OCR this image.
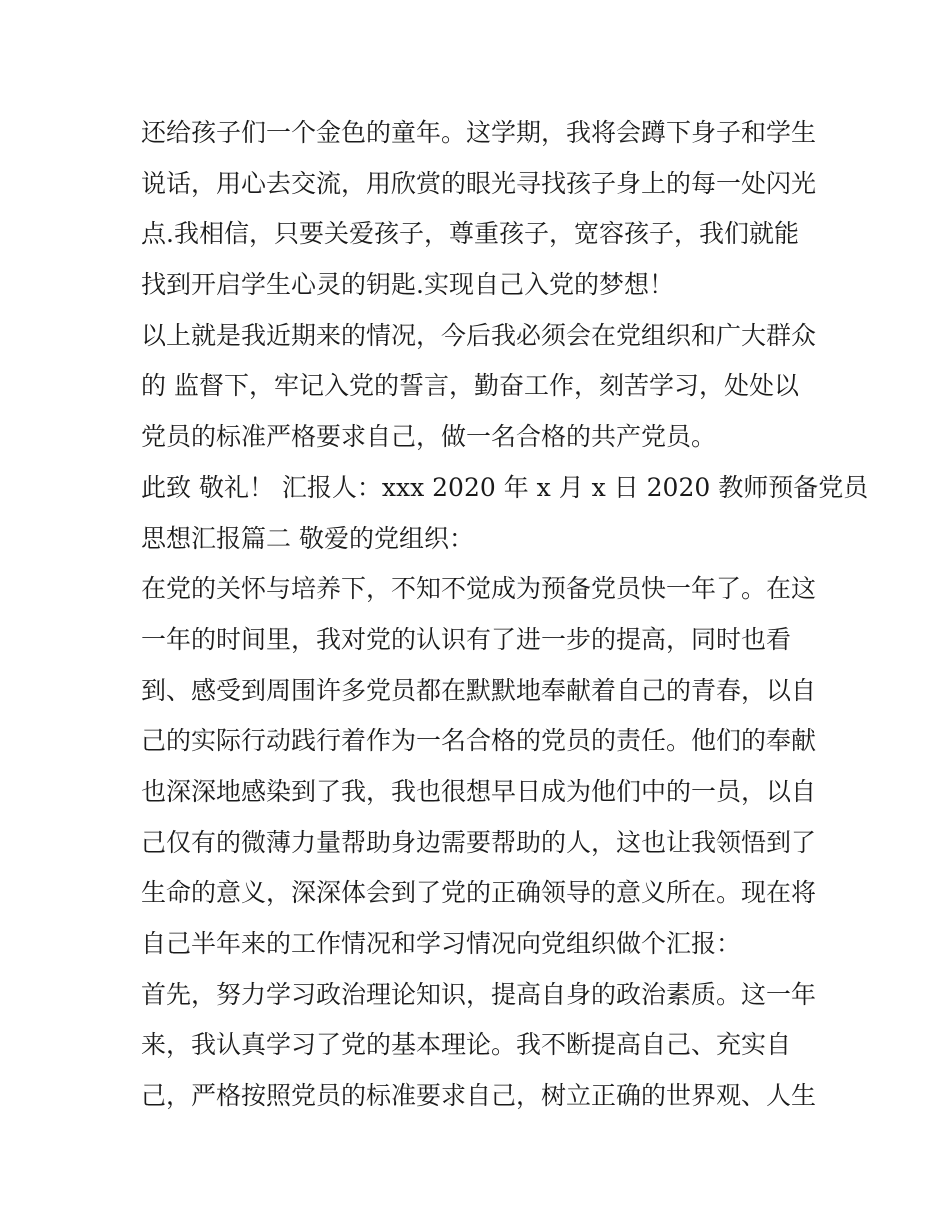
还给孩子们一个金色的童年。这学期，我将会蹲下身子和学生
说话，用心去交流，用欣赏的眼光寻找孩子身上的每一处闪光
点.我相信，只要关爱孩子，尊重孩子，宽容孩子，我们就能
找到开启学生心灵的钥匙.实现自己入党的梦想！
以上就是我近期来的情况，今后我必须会在党组织和广大群众
的 监督下，牢记入党的誓言，勤奋工作，刻苦学习，处处以
党员的标准严格要求自己，做一名合格的共产党员。
此致 敬礼！ 汇报人：xxx 2020 年 x 月 x 日 2020 教师预备党员
思想汇报篇二 敬爱的党组织：
在党的关怀与培养下，不知不觉成为预备党员快一年了。在这
一年的时间里，我对党的认识有了进一步的提高，同时也看
到、感受到周围许多党员都在默默地奉献着自己的青春，以自
己的实际行动践行着作为一名合格的党员的责任。他们的奉献
也深深地感染到了我，我也很想早日成为他们中的一员，以自
己仅有的微薄力量帮助身边需要帮助的人，这也让我领悟到了
生命的意义，深深体会到了党的正确领导的意义所在。现在将
自己半年来的工作情况和学习情况向党组织做个汇报：
首先，努力学习政治理论知识，提高自身的政治素质。这一年
来，我认真学习了党的基本理论。我不断提高自己、充实自
己，严格按照党员的标准要求自己，树立正确的世界观、人生
